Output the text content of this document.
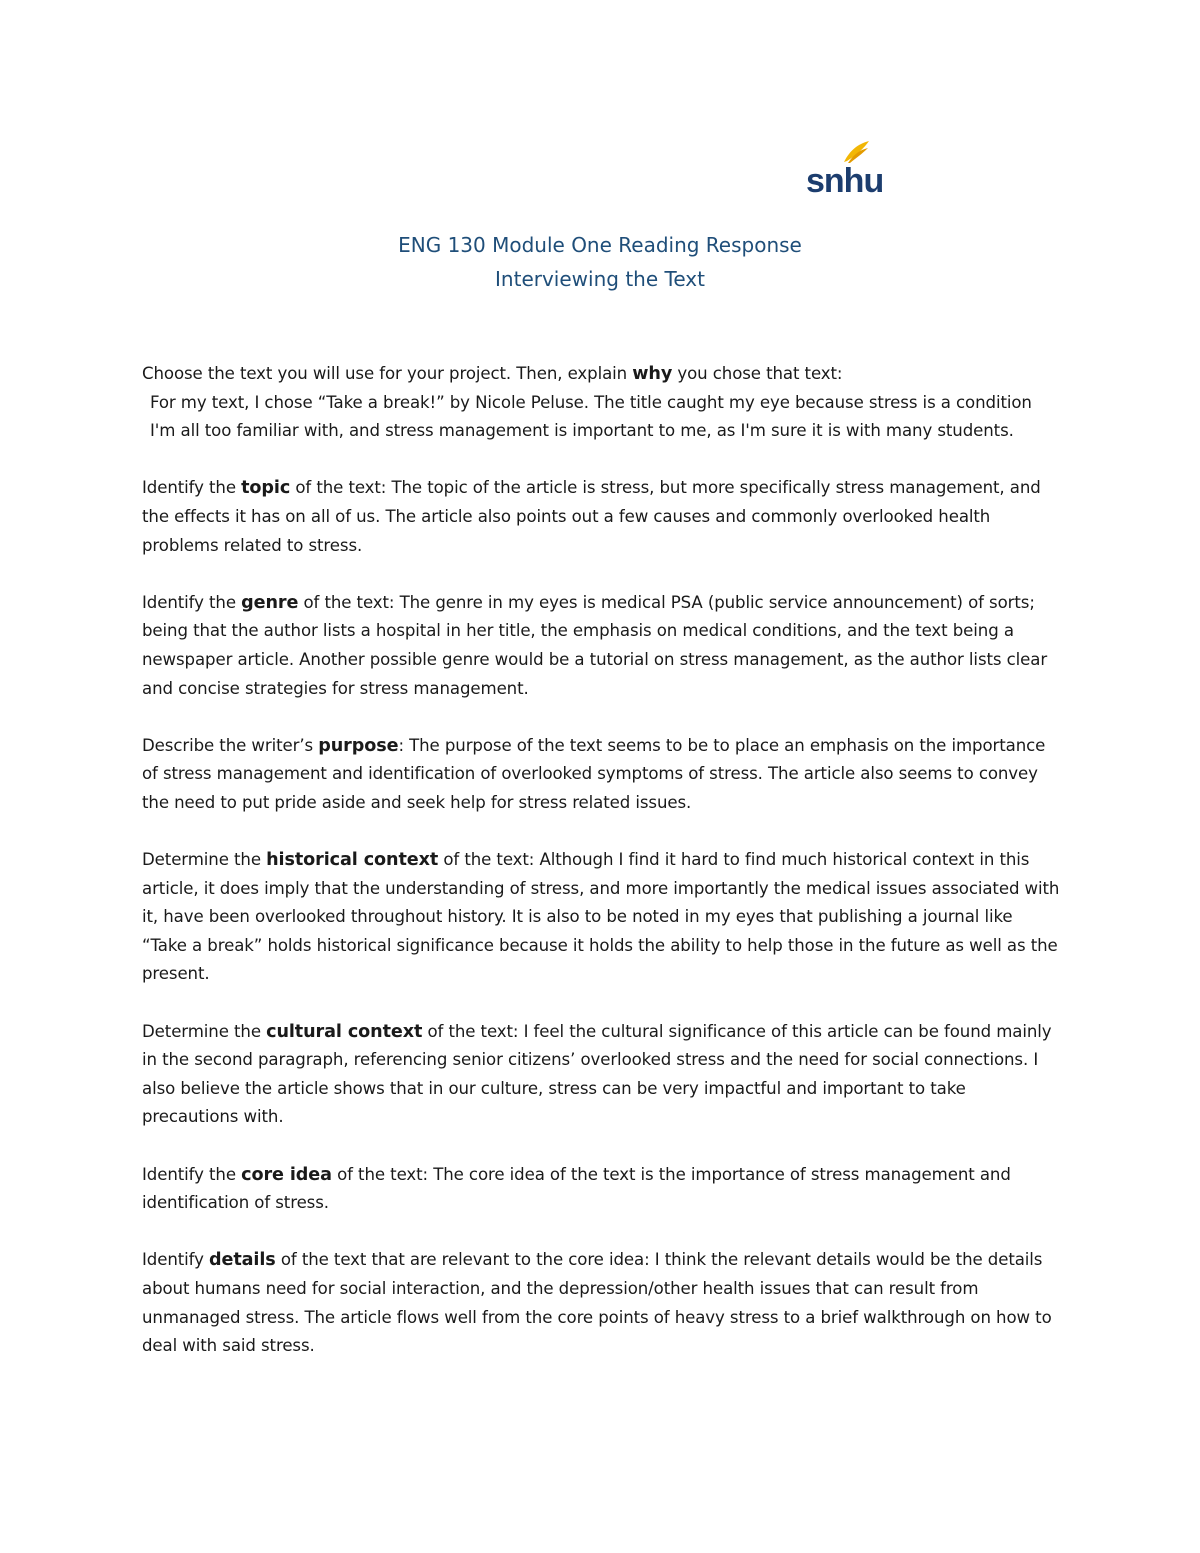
snhu
ENG 130 Module One Reading Response
Interviewing the Text
Choose the text you will use for your project. Then, explain why you chose that text:
For my text, I chose “Take a break!” by Nicole Peluse. The title caught my eye because stress is a condition I'm all too familiar with, and stress management is important to me, as I'm sure it is with many students.
Identify the topic of the text: The topic of the article is stress, but more specifically stress management, and the effects it has on all of us. The article also points out a few causes and commonly overlooked health problems related to stress.
Identify the genre of the text: The genre in my eyes is medical PSA (public service announcement) of sorts; being that the author lists a hospital in her title, the emphasis on medical conditions, and the text being a newspaper article. Another possible genre would be a tutorial on stress management, as the author lists clear and concise strategies for stress management.
Describe the writer’s purpose: The purpose of the text seems to be to place an emphasis on the importance of stress management and identification of overlooked symptoms of stress. The article also seems to convey the need to put pride aside and seek help for stress related issues.
Determine the historical context of the text: Although I find it hard to find much historical context in this article, it does imply that the understanding of stress, and more importantly the medical issues associated with it, have been overlooked throughout history. It is also to be noted in my eyes that publishing a journal like “Take a break” holds historical significance because it holds the ability to help those in the future as well as the present.
Determine the cultural context of the text: I feel the cultural significance of this article can be found mainly in the second paragraph, referencing senior citizens’ overlooked stress and the need for social connections. I also believe the article shows that in our culture, stress can be very impactful and important to take precautions with.
Identify the core idea of the text: The core idea of the text is the importance of stress management and identification of stress.
Identify details of the text that are relevant to the core idea: I think the relevant details would be the details about humans need for social interaction, and the depression/other health issues that can result from unmanaged stress. The article flows well from the core points of heavy stress to a brief walkthrough on how to deal with said stress.
